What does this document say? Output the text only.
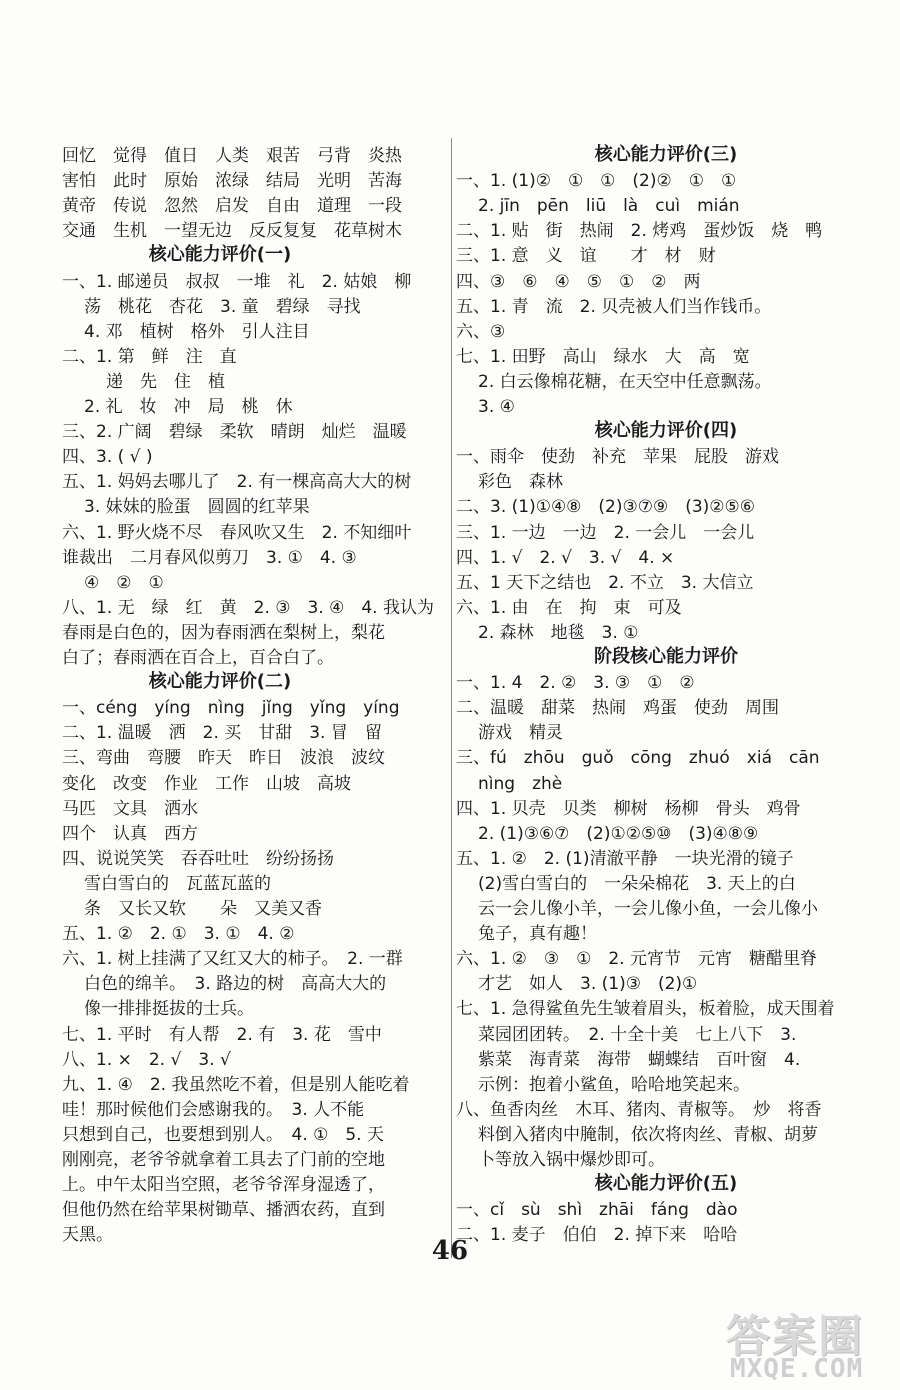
回忆　觉得　值日　人类　艰苦　弓背　炎热
害怕　此时　原始　浓绿　结局　光明　苦海
黄帝　传说　忽然　启发　自由　道理　一段
交通　生机　一望无边　反反复复　花草树木
核心能力评价(一)
一、1. 邮递员　叔叔　一堆　礼　2. 姑娘　柳
荡　桃花　杏花　3. 童　碧绿　寻找
4. 邓　植树　格外　引人注目
二、1. 第　鲜　注　直
递　先　住　植
2. 礼　妆　冲　局　桃　休
三、2. 广阔　碧绿　柔软　晴朗　灿烂　温暖
四、3. ( √ )
五、1. 妈妈去哪儿了　2. 有一棵高高大大的树
3. 妹妹的脸蛋　圆圆的红苹果
六、1. 野火烧不尽　春风吹又生　2. 不知细叶
谁裁出　二月春风似剪刀　3. ①　4. ③
④　②　①
八、1. 无　绿　红　黄　2. ③　3. ④　4. 我认为
春雨是白色的，因为春雨洒在梨树上，梨花
白了；春雨洒在百合上，百合白了。
核心能力评价(二)
一、céng　yíng　nìng　jǐng　yǐng　yíng
二、1. 温暖　洒　2. 买　甘甜　3. 冒　留
三、弯曲　弯腰　昨天　昨日　波浪　波纹
变化　改变　作业　工作　山坡　高坡
马匹　文具　洒水
四个　认真　西方
四、说说笑笑　吞吞吐吐　纷纷扬扬
雪白雪白的　瓦蓝瓦蓝的
条　又长又软　　朵　又美又香
五、1. ②　2. ①　3. ①　4. ②
六、1. 树上挂满了又红又大的柿子。　2. 一群
白色的绵羊。　3. 路边的树　高高大大的
像一排排挺拔的士兵。
七、1. 平时　有人帮　2. 有　3. 花　雪中
八、1. ×　2. √　3. √
九、1. ④　2. 我虽然吃不着，但是别人能吃着
哇！那时候他们会感谢我的。　3. 人不能
只想到自己，也要想到别人。　4. ①　5. 天
刚刚亮，老爷爷就拿着工具去了门前的空地
上。中午太阳当空照，老爷爷浑身湿透了，
但他仍然在给苹果树锄草、播洒农药，直到
天黑。
核心能力评价(三)
一、1. (1)②　①　①　(2)②　①　①
2. jīn　pēn　liū　là　cuì　mián
二、1. 贴　街　热闹　2. 烤鸡　蛋炒饭　烧　鸭
三、1. 意　义　谊　　才　材　财
四、③　⑥　④　⑤　①　②　两
五、1. 青　流　2. 贝壳被人们当作钱币。
六、③
七、1. 田野　高山　绿水　大　高　宽
2. 白云像棉花糖，在天空中任意飘荡。
3. ④
核心能力评价(四)
一、雨伞　使劲　补充　苹果　屁股　游戏
彩色　森林
二、3. (1)①④⑧　(2)③⑦⑨　(3)②⑤⑥
三、1. 一边　一边　2. 一会儿　一会儿
四、1. √　2. √　3. √　4. ×
五、1 天下之结也　2. 不立　3. 大信立
六、1. 由　在　拘　束　可及
2. 森林　地毯　3. ①
阶段核心能力评价
一、1. 4　2. ②　3. ③　①　②
二、温暖　甜菜　热闹　鸡蛋　使劲　周围
游戏　精灵
三、fú　zhōu　guǒ　cōng　zhuó　xiá　cān
nìng　zhè
四、1. 贝壳　贝类　柳树　杨柳　骨头　鸡骨
2. (1)③⑥⑦　(2)①②⑤⑩　(3)④⑧⑨
五、1. ②　2. (1)清澈平静　一块光滑的镜子
(2)雪白雪白的　一朵朵棉花　3. 天上的白
云一会儿像小羊，一会儿像小鱼，一会儿像小
兔子，真有趣！
六、1. ②　③　①　2. 元宵节　元宵　糖醋里脊
才艺　如人　3. (1)③　(2)①
七、1. 急得鲨鱼先生皱着眉头，板着脸，成天围着
菜园团团转。　2. 十全十美　七上八下　3.
紫菜　海青菜　海带　蝴蝶结　百叶窗　4.
示例：抱着小鲨鱼，哈哈地笑起来。
八、鱼香肉丝　木耳、猪肉、青椒等。　炒　将香
料倒入猪肉中腌制，依次将肉丝、青椒、胡萝
卜等放入锅中爆炒即可。
核心能力评价(五)
一、cǐ　sù　shì　zhāi　fáng　dào
二、1. 麦子　伯伯　2. 掉下来　哈哈
46
答案圈
MXQE.COM
